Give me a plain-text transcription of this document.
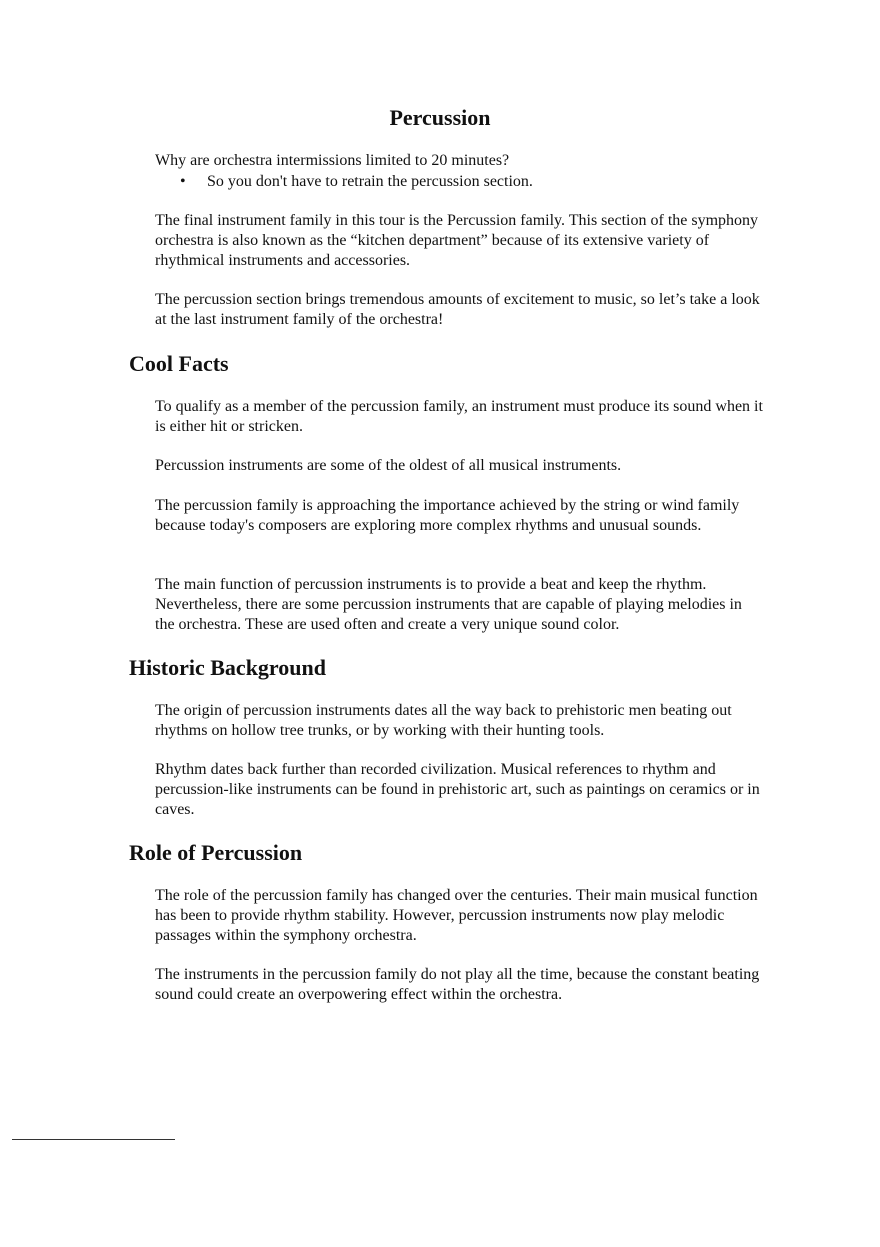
Percussion
Why are orchestra intermissions limited to 20 minutes?
• So you don't have to retrain the percussion section.
The final instrument family in this tour is the Percussion family. This section of the symphony orchestra is also known as the “kitchen department” because of its extensive variety of rhythmical instruments and accessories.
The percussion section brings tremendous amounts of excitement to music, so let’s take a look at the last instrument family of the orchestra!
Cool Facts
To qualify as a member of the percussion family, an instrument must produce its sound when it is either hit or stricken.
Percussion instruments are some of the oldest of all musical instruments.
The percussion family is approaching the importance achieved by the string or wind family because today's composers are exploring more complex rhythms and unusual sounds.
The main function of percussion instruments is to provide a beat and keep the rhythm. Nevertheless, there are some percussion instruments that are capable of playing melodies in the orchestra. These are used often and create a very unique sound color.
Historic Background
The origin of percussion instruments dates all the way back to prehistoric men beating out rhythms on hollow tree trunks, or by working with their hunting tools.
Rhythm dates back further than recorded civilization. Musical references to rhythm and percussion-like instruments can be found in prehistoric art, such as paintings on ceramics or in caves.
Role of Percussion
The role of the percussion family has changed over the centuries. Their main musical function has been to provide rhythm stability. However, percussion instruments now play melodic passages within the symphony orchestra.
The instruments in the percussion family do not play all the time, because the constant beating sound could create an overpowering effect within the orchestra.
